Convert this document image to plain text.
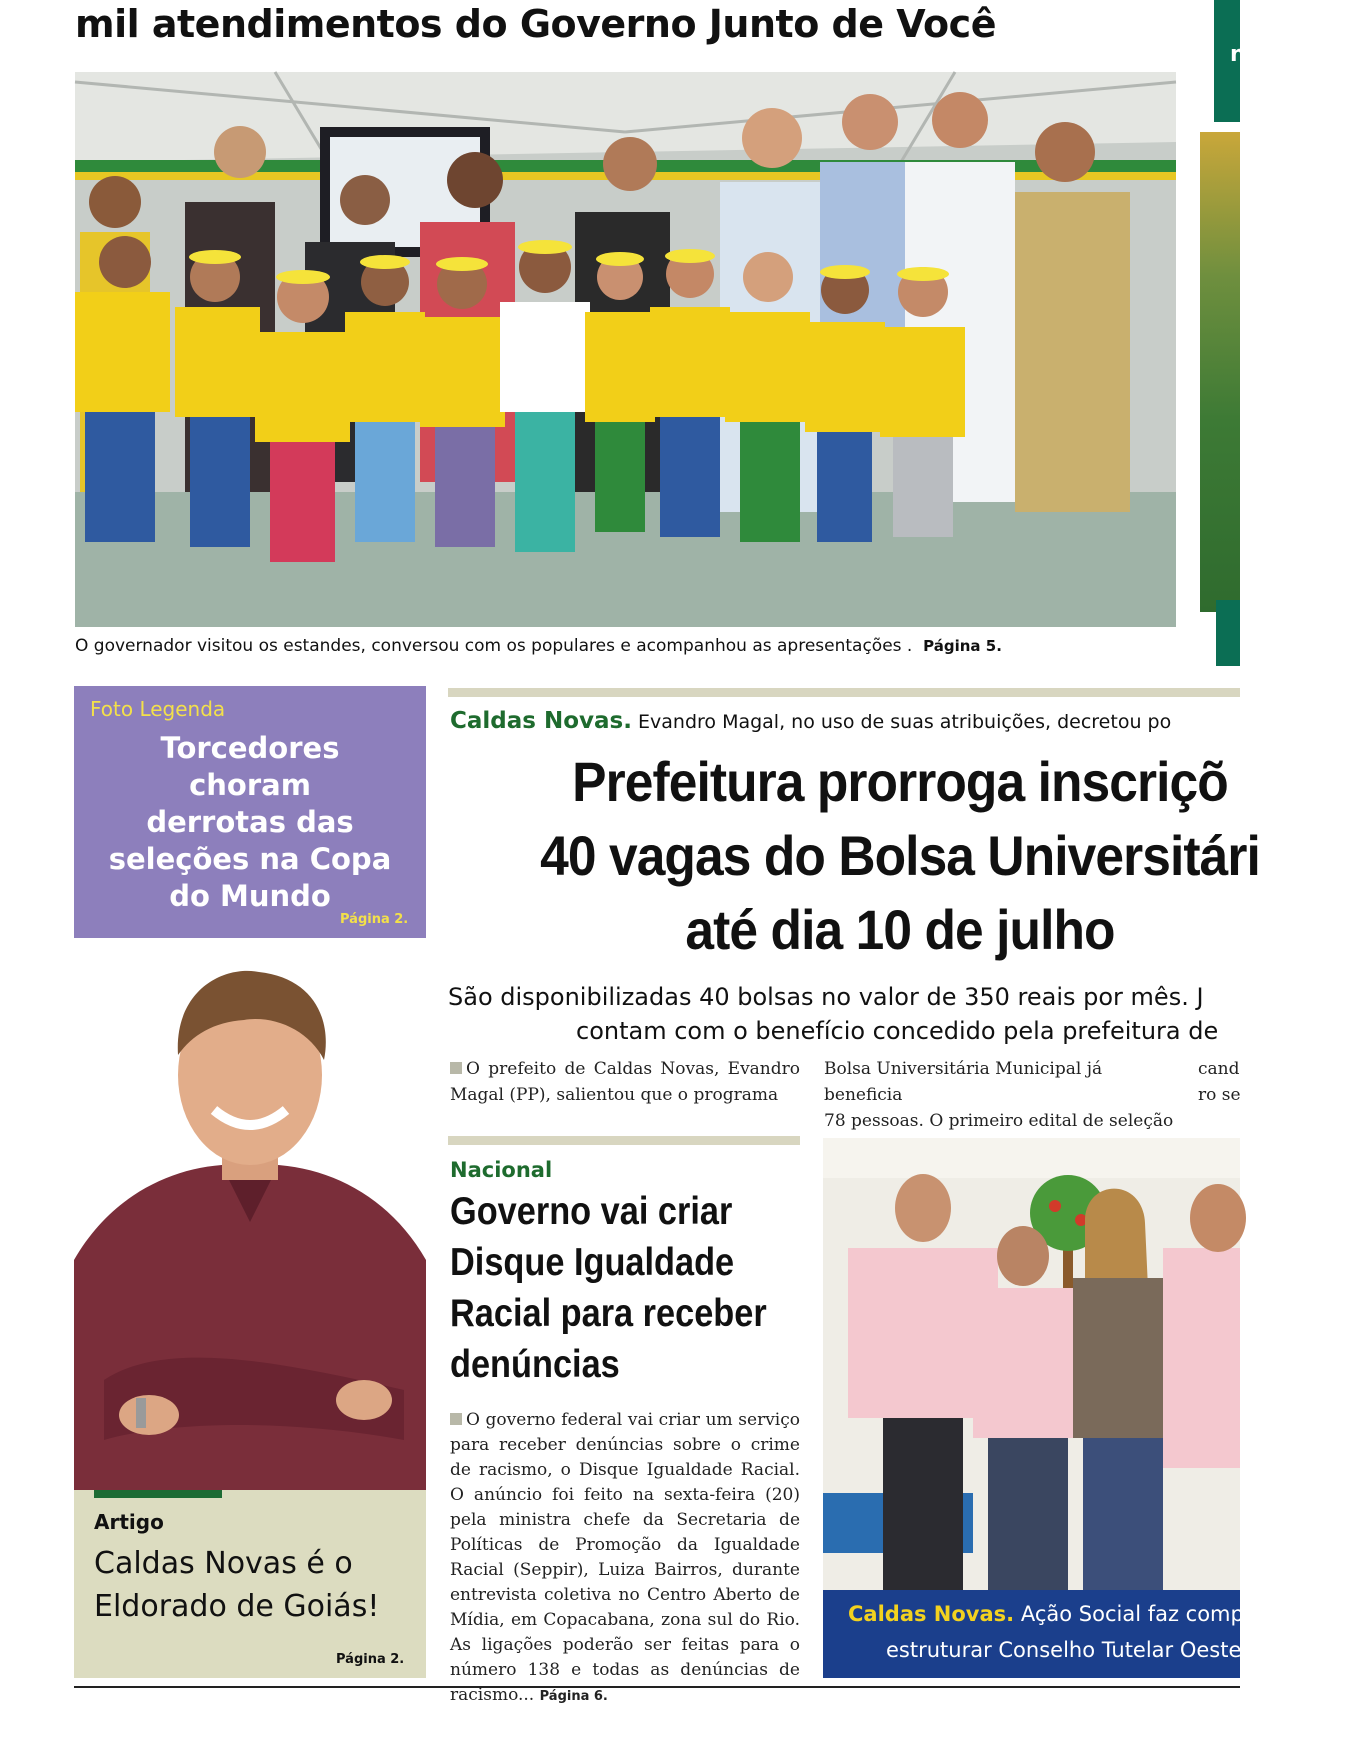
mil atendimentos do Governo Junto de Você
n
O governador visitou os estandes, conversou com os populares e acompanhou as apresentações . Página 5.
Foto Legenda
Torcedores
choram
derrotas das
seleções na Copa
do Mundo
Página 2.
Artigo
Caldas Novas é o
Eldorado de Goiás!
Página 2.
Caldas Novas. Evandro Magal, no uso de suas atribuições, decretou po
Prefeitura prorroga inscriçõ
40 vagas do Bolsa Universitári
até dia 10 de julho
São disponibilizadas 40 bolsas no valor de 350 reais por mês. J
contam com o benefício concedido pela prefeitura de
O prefeito de Caldas Novas, Evandro Magal (PP), salientou que o programa
Bolsa Universitária Municipal já beneficia
78 pessoas. O primeiro edital de seleção
cand
ro se
Nacional
Governo vai criar
Disque Igualdade
Racial para receber
denúncias
O governo federal vai criar um serviço para receber denúncias sobre o crime de racismo, o Disque Igualdade Racial. O anúncio foi feito na sexta-feira (20) pela ministra chefe da Secretaria de Políticas de Promoção da Igualdade Racial (Seppir), Luiza Bairros, durante entrevista coletiva no Centro Aberto de Mídia, em Copacabana, zona sul do Rio. As ligações poderão ser feitas para o número 138 e todas as denúncias de racismo... Página 6.
Caldas Novas. Ação Social faz compr
estruturar Conselho Tutelar Oeste c
